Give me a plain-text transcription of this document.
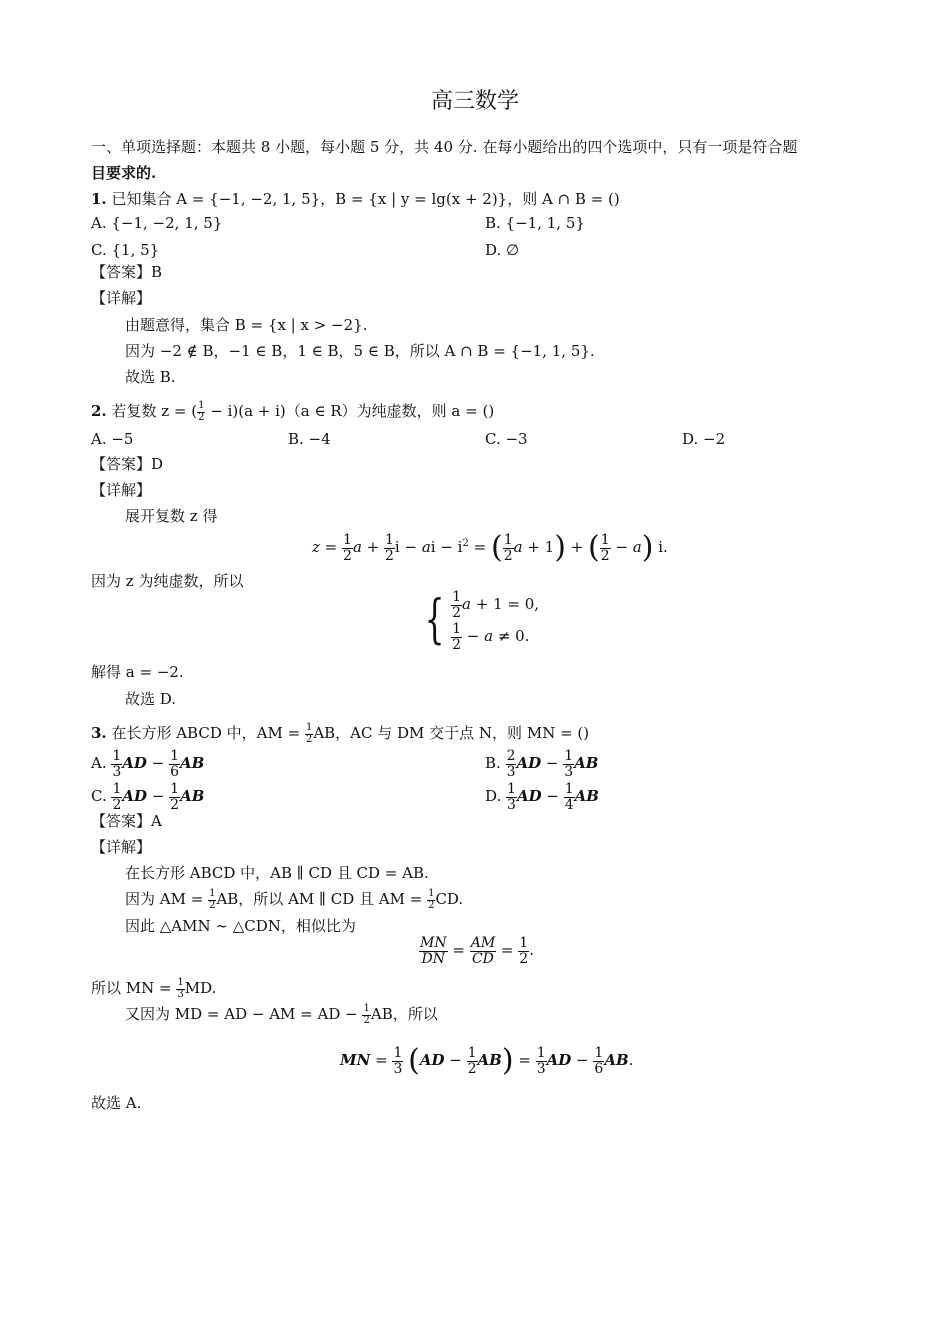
高三数学
一、单项选择题：本题共 8 小题，每小题 5 分，共 40 分. 在每小题给出的四个选项中，只有一项是符合题
目要求的.
1. 已知集合 A = {−1, −2, 1, 5}，B = {x | y = lg(x + 2)}，则 A ∩ B = ()
A. {−1, −2, 1, 5}	B. {−1, 1, 5}
C. {1, 5}	D. ∅
【答案】B
【详解】
由题意得，集合 B = {x | x > −2}.
因为 −2 ∉ B，−1 ∈ B，1 ∈ B，5 ∈ B，所以 A ∩ B = {−1, 1, 5}.
故选 B.
2. 若复数 z = ( $\frac{1}{2} - i)(a + i)(a$ ∈ R）为纯虚数，则 a = ()
A. −5	B. −4	C. −3	D. −2
【答案】D
【详解】
展开复数 z 得
$z = \frac{1}{2}$ $a + \frac{1}{2}$ i − ai − $i^2$ = ( $\frac{1}{2}$ a + 1) + ( $\frac{1}{2} - a$) i.
因为 z 为纯虚数，所以
{ $\frac{1}{2}$ a + 1 = 0,
$\frac{1}{2} - a \ne 0$.
解得 a = −2.
故选 D.
3. 在长方形 ABCD 中，AM = $\frac{1}{2}$ AB，AC 与 DM 交于点 N，则 MN = ()
A. $\frac{1}{3}$ AD − $\frac{1}{6}$ AB	B. $\frac{2}{3}$ AD − $\frac{1}{3}$ AB
C. $\frac{1}{2}$ AD − $\frac{1}{2}$ AB	D. $\frac{1}{3}$ AD − $\frac{1}{4}$ AB
【答案】A
【详解】
在长方形 ABCD 中，AB ∥ CD 且 CD = AB.
因为 AM = $\frac{1}{2}$ AB，所以 AM ∥ CD 且 AM = $\frac{1}{2}$ CD.
因此 △AMN ∼ △CDN，相似比为
$\frac{MN}{DN} = \frac{AM}{CD} = \frac{1}{2}$ .
所以 MN = $\frac{1}{3}$ MD.
又因为 MD = AD − AM = AD − $\frac{1}{2}$ AB，所以
MN = $\frac{1}{3} (AD - \frac{1}{2} AB) = \frac{1}{3}$ AD − $\frac{1}{6}$ AB.
故选 A.
